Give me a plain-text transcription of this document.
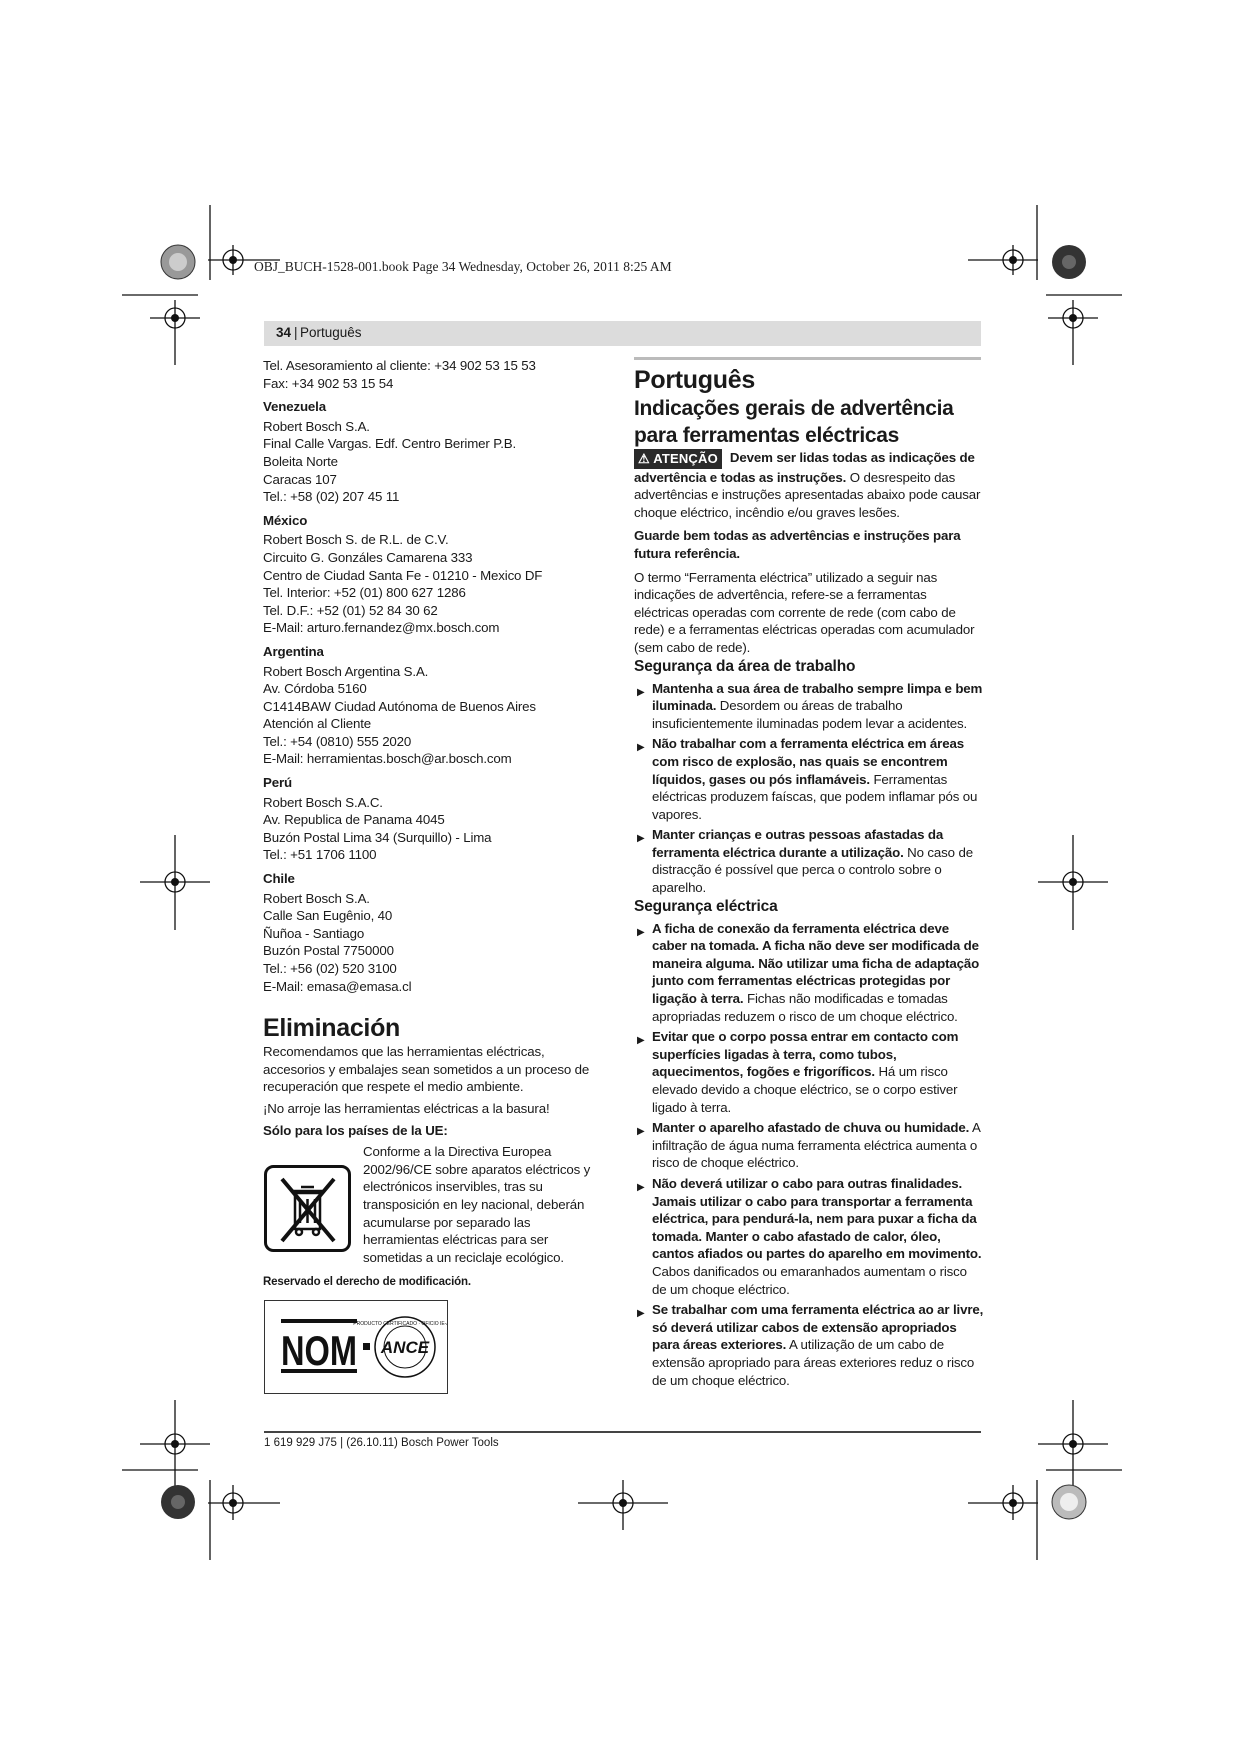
OBJ_BUCH-1528-001.book Page 34 Wednesday, October 26, 2011 8:25 AM
34 | Português

Tel. Asesoramiento al cliente: +34 902 53 15 53

Fax: +34 902 53 15 54

Venezuela

Robert Bosch S.A.

Final Calle Vargas. Edf. Centro Berimer P.B.

Boleita Norte

Caracas 107

Tel.: +58 (02) 207 45 11

México

Robert Bosch S. de R.L. de C.V.

Circuito G. Gonzáles Camarena 333

Centro de Ciudad Santa Fe - 01210 - Mexico DF

Tel. Interior: +52 (01) 800 627 1286

Tel. D.F.: +52 (01) 52 84 30 62

E-Mail: arturo.fernandez@mx.bosch.com

Argentina

Robert Bosch Argentina S.A.

Av. Córdoba 5160

C1414BAW Ciudad Autónoma de Buenos Aires

Atención al Cliente

Tel.: +54 (0810) 555 2020

E-Mail: herramientas.bosch@ar.bosch.com

Perú

Robert Bosch S.A.C.

Av. Republica de Panama 4045

Buzón Postal Lima 34 (Surquillo) - Lima

Tel.: +51 1706 1100

Chile

Robert Bosch S.A.

Calle San Eugênio, 40

Ñuñoa - Santiago

Buzón Postal 7750000

Tel.: +56 (02) 520 3100

E-Mail: emasa@emasa.cl

Eliminación

Recomendamos que las herramientas eléctricas, accesorios y embalajes sean sometidos a un proceso de recuperación que respete el medio ambiente.

¡No arroje las herramientas eléctricas a la basura!

Sólo para los países de la UE:

Conforme a la Directiva Europea 2002/96/CE sobre aparatos eléctricos y electrónicos inservibles, tras su transposición en ley nacional, deberán acumularse por separado las herramientas eléctricas para ser sometidas a un reciclaje ecológico.

Reservado el derecho de modificación.

NOM ANCE
PRODUCTO CERTIFICADO · OFICIO IE-ADE

Português

Indicações gerais de advertência para ferramentas eléctricas

⚠ ATENÇÃO Devem ser lidas todas as indicações de advertência e todas as instruções. O desrespeito das advertências e instruções apresentadas abaixo pode causar choque eléctrico, incêndio e/ou graves lesões.

Guarde bem todas as advertências e instruções para futura referência.

O termo “Ferramenta eléctrica” utilizado a seguir nas indicações de advertência, refere-se a ferramentas eléctricas operadas com corrente de rede (com cabo de rede) e a ferramentas eléctricas operadas com acumulador (sem cabo de rede).

Segurança da área de trabalho

▶ Mantenha a sua área de trabalho sempre limpa e bem iluminada. Desordem ou áreas de trabalho insuficientemente iluminadas podem levar a acidentes.

▶ Não trabalhar com a ferramenta eléctrica em áreas com risco de explosão, nas quais se encontrem líquidos, gases ou pós inflamáveis. Ferramentas eléctricas produzem faíscas, que podem inflamar pós ou vapores.

▶ Manter crianças e outras pessoas afastadas da ferramenta eléctrica durante a utilização. No caso de distracção é possível que perca o controlo sobre o aparelho.

Segurança eléctrica

▶ A ficha de conexão da ferramenta eléctrica deve caber na tomada. A ficha não deve ser modificada de maneira alguma. Não utilizar uma ficha de adaptação junto com ferramentas eléctricas protegidas por ligação à terra. Fichas não modificadas e tomadas apropriadas reduzem o risco de um choque eléctrico.

▶ Evitar que o corpo possa entrar em contacto com superfícies ligadas à terra, como tubos, aquecimentos, fogões e frigoríficos. Há um risco elevado devido a choque eléctrico, se o corpo estiver ligado à terra.

▶ Manter o aparelho afastado de chuva ou humidade. A infiltração de água numa ferramenta eléctrica aumenta o risco de choque eléctrico.

▶ Não deverá utilizar o cabo para outras finalidades. Jamais utilizar o cabo para transportar a ferramenta eléctrica, para pendurá-la, nem para puxar a ficha da tomada. Manter o cabo afastado de calor, óleo, cantos afiados ou partes do aparelho em movimento. Cabos danificados ou emaranhados aumentam o risco de um choque eléctrico.

▶ Se trabalhar com uma ferramenta eléctrica ao ar livre, só deverá utilizar cabos de extensão apropriados para áreas exteriores. A utilização de um cabo de extensão apropriado para áreas exteriores reduz o risco de um choque eléctrico.

1 619 929 J75 | (26.10.11) Bosch Power Tools
